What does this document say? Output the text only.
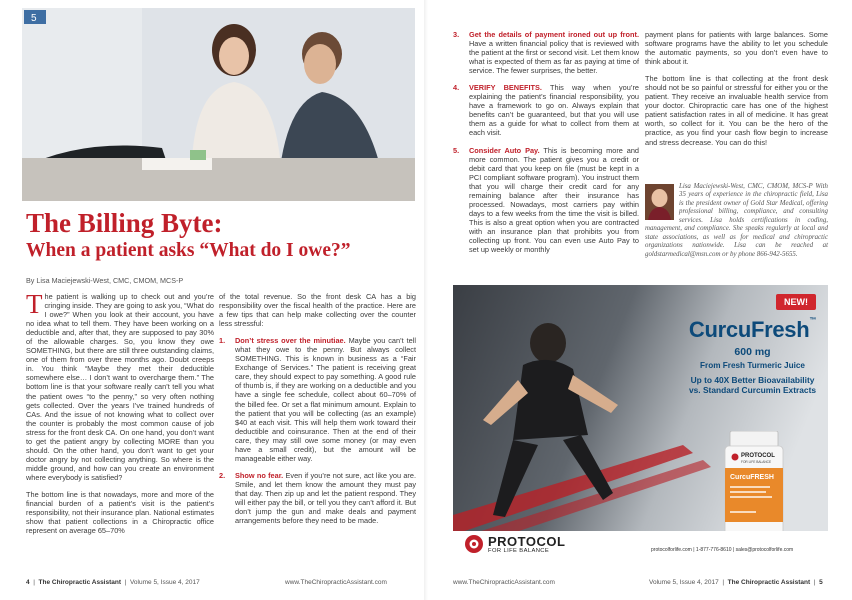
5
The Billing Byte:
When a patient asks “What do I owe?”
By Lisa Maciejewski-West, CMC, CMOM, MCS-P

The patient is walking up to check out and you’re cringing inside. They are going to ask you, “What do I owe?” When you look at their account, you have no idea what to tell them. They have been working on a deductible and, after that, they are supposed to pay 30% of the allowable charges. So, you know they owe SOMETHING, but there are still three outstanding claims, one of them from over three months ago. Doubt creeps in. You think “Maybe they met their deductible somewhere else… I don’t want to overcharge them.” The bottom line is that your software really can’t tell you what the patient owes “to the penny,” so very often nothing gets collected. Over the years I’ve trained hundreds of CAs. And the issue of not knowing what to collect over the counter is probably the most common cause of job stress for the front desk CA. On one hand, you don’t want to get the patient angry by collecting MORE than you should. On the other hand, you don’t want to get your doctor angry by not collecting anything. So where is the middle ground, and how can you create an environment where everybody is satisfied?

The bottom line is that nowadays, more and more of the financial burden of a patient’s visit is the patient’s responsibility, not their insurance plan. National estimates show that patient collections in a Chiropractic office represent on average 65–70%

of the total revenue. So the front desk CA has a big responsibility over the fiscal health of the practice. Here are a few tips that can help make collecting over the counter less stressful:

1. Don’t stress over the minutiae. Maybe you can’t tell what they owe to the penny. But always collect SOMETHING. This is known in business as a “Fair Exchange of Services.” The patient is receiving great care, they should expect to pay something. A good rule of thumb is, if they are working on a deductible and you have a single fee schedule, collect about 60–70% of the billed fee. Or set a flat minimum amount. Explain to the patient that you will be collecting (as an example) $40 at each visit. This will help them work toward their deductible and coinsurance. Then at the end of their care, they may still owe some money (or may even have a small credit), but the amount will be manageable either way.
2. Show no fear. Even if you’re not sure, act like you are. Smile, and let them know the amount they must pay that day. Then zip up and let the patient respond. They will either pay the bill, or tell you they can’t afford it. But don’t jump the gun and make deals and payment arrangements before they need to be made.
4  |  The Chiropractic Assistant  |  Volume 5, Issue 4, 2017	www.TheChiropracticAssistant.com
3. Get the details of payment ironed out up front. Have a written financial policy that is reviewed with the patient at the first or second visit. Let them know what is expected of them as far as paying at time of service. The fewer surprises, the better.
4. VERIFY BENEFITS. This way when you’re explaining the patient’s financial responsibility, you have a framework to go on. Always explain that benefits can’t be guaranteed, but that you will use them as a guide for what to collect from them at each visit.
5. Consider Auto Pay. This is becoming more and more common. The patient gives you a credit or debit card that you keep on file (must be kept in a PCI compliant software program). You instruct them that you will charge their credit card for any remaining balance after their insurance has processed. Nowadays, most carriers pay within days to a few weeks from the time the visit is billed. This is also a great option when you are contracted with an insurance plan that prohibits you from collecting up front. You can even use Auto Pay to set up weekly or monthly

payment plans for patients with large balances. Some software programs have the ability to let you schedule the automatic payments, so you don’t even have to think about it.

The bottom line is that collecting at the front desk should not be so painful or stressful for either you or the patient. They receive an invaluable health service from your doctor. Chiropractic care has one of the highest patient satisfaction rates in all of medicine. It has great worth, so collect for it. You can be the hero of the practice, as you find your cash flow begin to increase and stress decrease. You can do this!

Lisa Maciejewski-West, CMC, CMOM, MCS-P With 35 years of experience in the chiropractic field, Lisa is the president owner of Gold Star Medical, offering professional billing, compliance, and consulting services. Lisa holds certifications in coding, management, and compliance. She speaks regularly at local and state associations, as well as for medical and chiropractic organizations nationwide. Lisa can be reached at goldstarmedical@msn.com or by phone 866-942-5655.
NEW!
CurcuFresh™
600 mg
From Fresh Turmeric Juice
Up to 40X Better Bioavailability
vs. Standard Curcumin Extracts
PROTOCOL
FOR LIFE BALANCE
CurcuFRESH
PROTOCOL
FOR LIFE BALANCE	protocolforlife.com | 1-877-776-8610 | sales@protocolforlife.com
www.TheChiropracticAssistant.com	Volume 5, Issue 4, 2017  |  The Chiropractic Assistant  |  5
